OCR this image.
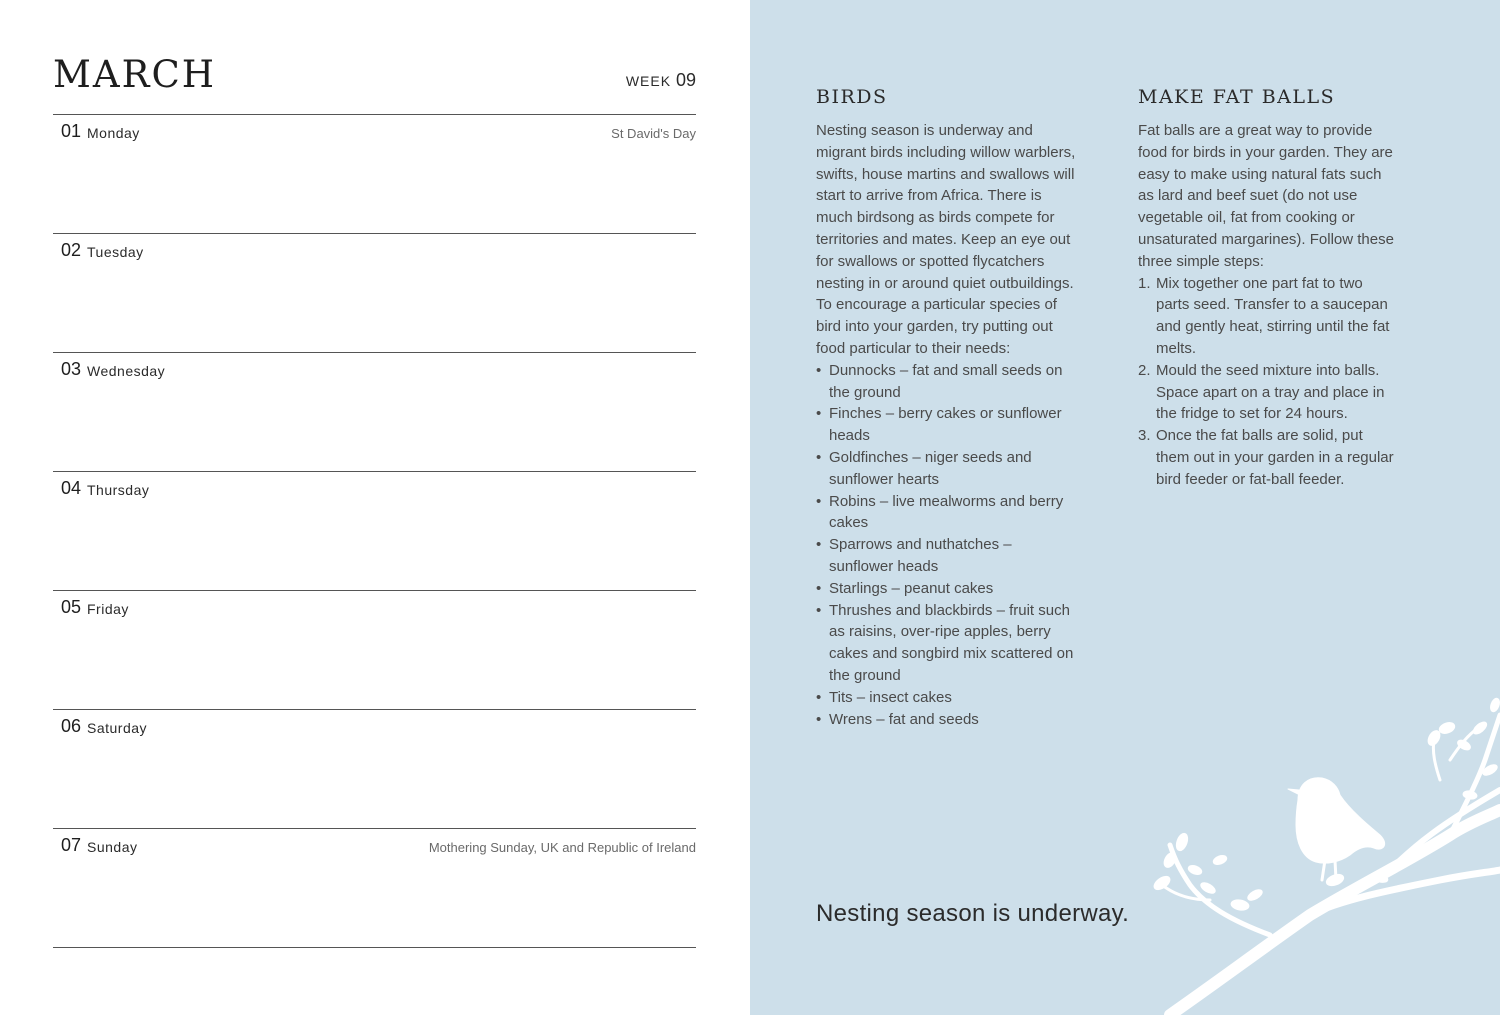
MARCH	WEEK 09
01 Monday	St David's Day
02 Tuesday
03 Wednesday
04 Thursday
05 Friday
06 Saturday
07 Sunday	Mothering Sunday, UK and Republic of Ireland
BIRDS

Nesting season is underway and migrant birds including willow warblers, swifts, house martins and swallows will start to arrive from Africa. There is much birdsong as birds compete for territories and mates. Keep an eye out for swallows or spotted flycatchers nesting in or around quiet outbuildings. To encourage a particular species of bird into your garden, try putting out food particular to their needs:

• Dunnocks – fat and small seeds on the ground
• Finches – berry cakes or sunflower heads
• Goldfinches – niger seeds and sunflower hearts
• Robins – live mealworms and berry cakes
• Sparrows and nuthatches – sunflower heads
• Starlings – peanut cakes
• Thrushes and blackbirds – fruit such as raisins, over-ripe apples, berry cakes and songbird mix scattered on the ground
• Tits – insect cakes
• Wrens – fat and seeds
MAKE FAT BALLS

Fat balls are a great way to provide food for birds in your garden. They are easy to make using natural fats such as lard and beef suet (do not use vegetable oil, fat from cooking or unsaturated margarines). Follow these three simple steps:

1. Mix together one part fat to two parts seed. Transfer to a saucepan and gently heat, stirring until the fat melts.
2. Mould the seed mixture into balls. Space apart on a tray and place in the fridge to set for 24 hours.
3. Once the fat balls are solid, put them out in your garden in a regular bird feeder or fat-ball feeder.
Nesting season is underway.
